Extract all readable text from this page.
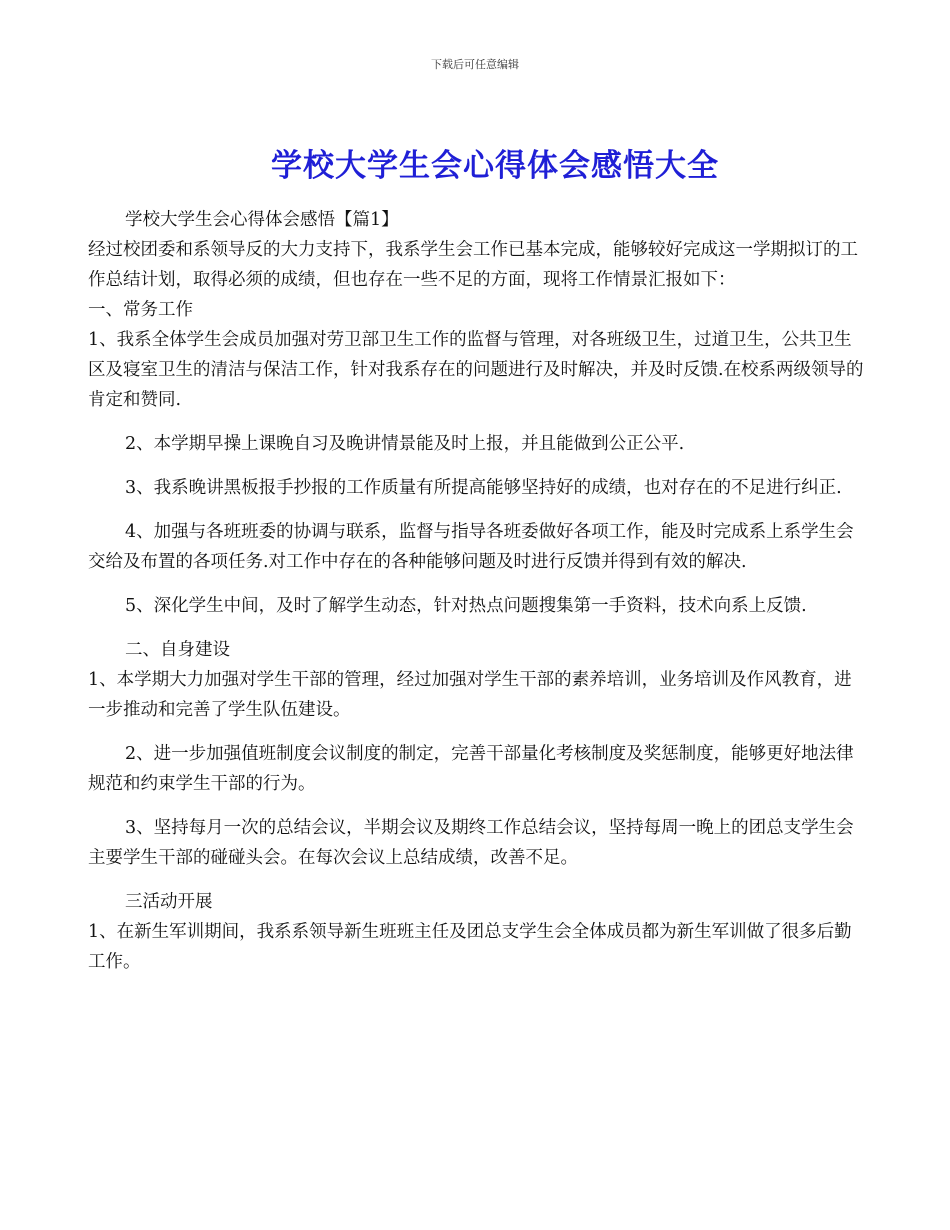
下载后可任意编辑
学校大学生会心得体会感悟大全

学校大学生会心得体会感悟【篇1】

经过校团委和系领导反的大力支持下，我系学生会工作已基本完成，能够较好完成这一学期拟订的工作总结计划，取得必须的成绩，但也存在一些不足的方面，现将工作情景汇报如下：

一、常务工作

1、我系全体学生会成员加强对劳卫部卫生工作的监督与管理，对各班级卫生，过道卫生，公共卫生区及寝室卫生的清洁与保洁工作，针对我系存在的问题进行及时解决，并及时反馈.在校系两级领导的肯定和赞同.

2、本学期早操上课晚自习及晚讲情景能及时上报，并且能做到公正公平.

3、我系晚讲黑板报手抄报的工作质量有所提高能够坚持好的成绩，也对存在的不足进行纠正.

4、加强与各班班委的协调与联系，监督与指导各班委做好各项工作，能及时完成系上系学生会交给及布置的各项任务.对工作中存在的各种能够问题及时进行反馈并得到有效的解决.

5、深化学生中间，及时了解学生动态，针对热点问题搜集第一手资料，技术向系上反馈.

二、自身建设

1、本学期大力加强对学生干部的管理，经过加强对学生干部的素养培训，业务培训及作风教育，进一步推动和完善了学生队伍建设。

2、进一步加强值班制度会议制度的制定，完善干部量化考核制度及奖惩制度，能够更好地法律规范和约束学生干部的行为。

3、坚持每月一次的总结会议，半期会议及期终工作总结会议，坚持每周一晚上的团总支学生会主要学生干部的碰碰头会。在每次会议上总结成绩，改善不足。

三活动开展

1、在新生军训期间，我系系领导新生班班主任及团总支学生会全体成员都为新生军训做了很多后勤工作。
